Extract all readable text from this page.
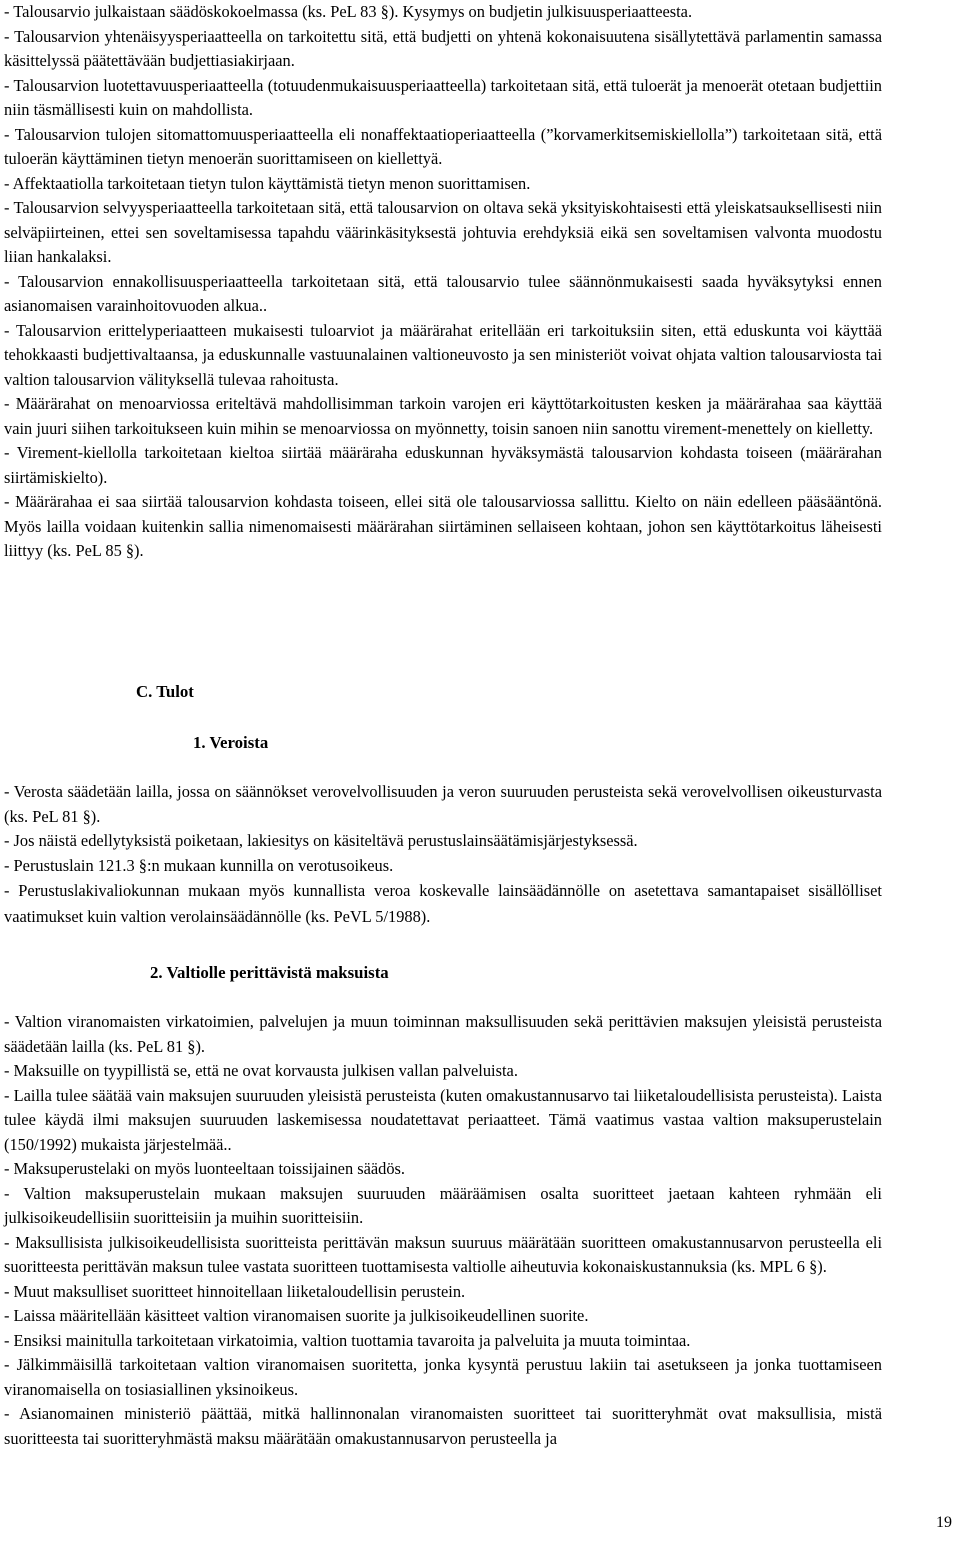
- Talousarvio julkaistaan säädöskokoelmassa (ks. PeL 83 §). Kysymys on budjetin julkisuusperiaatteesta.

- Talousarvion yhtenäisyysperiaatteella on tarkoitettu sitä, että budjetti on yhtenä kokonaisuutena sisällytettävä parlamentin samassa käsittelyssä päätettävään budjettiasiakirjaan.

- Talousarvion luotettavuusperiaatteella (totuudenmukaisuusperiaatteella) tarkoitetaan sitä, että tuloerät ja menoerät otetaan budjettiin niin täsmällisesti kuin on mahdollista.

- Talousarvion tulojen sitomattomuusperiaatteella eli nonaffektaatioperiaatteella (”korvamerkitsemiskiellolla”) tarkoitetaan sitä, että tuloerän käyttäminen tietyn menoerän suorittamiseen on kiellettyä.

- Affektaatiolla tarkoitetaan tietyn tulon käyttämistä tietyn menon suorittamisen.

- Talousarvion selvyysperiaatteella tarkoitetaan sitä, että talousarvion on oltava sekä yksityiskohtaisesti että yleiskatsauksellisesti niin selväpiirteinen, ettei sen soveltamisessa tapahdu väärinkäsityksestä johtuvia erehdyksiä eikä sen soveltamisen valvonta muodostu liian hankalaksi.

- Talousarvion ennakollisuusperiaatteella tarkoitetaan sitä, että talousarvio tulee säännönmukaisesti saada hyväksytyksi ennen asianomaisen varainhoitovuoden alkua..

- Talousarvion erittelyperiaatteen mukaisesti tuloarviot ja määrärahat eritellään eri tarkoituksiin siten, että eduskunta voi käyttää tehokkaasti budjettivaltaansa, ja eduskunnalle vastuunalainen valtioneuvosto ja sen ministeriöt voivat ohjata valtion talousarviosta tai valtion talousarvion välityksellä tulevaa rahoitusta.

- Määrärahat on menoarviossa eriteltävä mahdollisimman tarkoin varojen eri käyttötarkoitusten kesken ja määrärahaa saa käyttää vain juuri siihen tarkoitukseen kuin mihin se menoarviossa on myönnetty, toisin sanoen niin sanottu virement-menettely on kielletty.

- Virement-kiellolla tarkoitetaan kieltoa siirtää määräraha eduskunnan hyväksymästä talousarvion kohdasta toiseen (määrärahan siirtämiskielto).

- Määrärahaa ei saa siirtää talousarvion kohdasta toiseen, ellei sitä ole talousarviossa sallittu. Kielto on näin edelleen pääsääntönä. Myös lailla voidaan kuitenkin sallia nimenomaisesti määrärahan siirtäminen sellaiseen kohtaan, johon sen käyttötarkoitus läheisesti liittyy (ks. PeL 85 §).

C. Tulot

1. Veroista

- Verosta säädetään lailla, jossa on säännökset verovelvollisuuden ja veron suuruuden perusteista sekä verovelvollisen oikeusturvasta (ks. PeL 81 §).

- Jos näistä edellytyksistä poiketaan, lakiesitys on käsiteltävä perustuslainsäätämisjärjestyksessä.

- Perustuslain 121.3 §:n mukaan kunnilla on verotusoikeus.

- Perustuslakivaliokunnan mukaan myös kunnallista veroa koskevalle lainsäädännölle on asetettava samantapaiset sisällölliset vaatimukset kuin valtion verolainsäädännölle (ks. PeVL 5/1988).

2. Valtiolle perittävistä maksuista

- Valtion viranomaisten virkatoimien, palvelujen ja muun toiminnan maksullisuuden sekä perittävien maksujen yleisistä perusteista säädetään lailla (ks. PeL 81 §).

- Maksuille on tyypillistä se, että ne ovat korvausta julkisen vallan palveluista.

- Lailla tulee säätää vain maksujen suuruuden yleisistä perusteista (kuten omakustannusarvo tai liiketaloudellisista perusteista). Laista tulee käydä ilmi maksujen suuruuden laskemisessa noudatettavat periaatteet. Tämä vaatimus vastaa valtion maksuperustelain (150/1992) mukaista järjestelmää..

- Maksuperustelaki on myös luonteeltaan toissijainen säädös.

- Valtion maksuperustelain mukaan maksujen suuruuden määräämisen osalta suoritteet jaetaan kahteen ryhmään eli julkisoikeudellisiin suoritteisiin ja muihin suoritteisiin.

- Maksullisista julkisoikeudellisista suoritteista perittävän maksun suuruus määrätään suoritteen omakustannusarvon perusteella eli suoritteesta perittävän maksun tulee vastata suoritteen tuottamisesta valtiolle aiheutuvia kokonaiskustannuksia (ks. MPL 6 §).

- Muut maksulliset suoritteet hinnoitellaan liiketaloudellisin perustein.

- Laissa määritellään käsitteet valtion viranomaisen suorite ja julkisoikeudellinen suorite.

- Ensiksi mainitulla tarkoitetaan virkatoimia, valtion tuottamia tavaroita ja palveluita ja muuta toimintaa.

- Jälkimmäisillä tarkoitetaan valtion viranomaisen suoritetta, jonka kysyntä perustuu lakiin tai asetukseen ja jonka tuottamiseen viranomaisella on tosiasiallinen yksinoikeus.

- Asianomainen ministeriö päättää, mitkä hallinnonalan viranomaisten suoritteet tai suoritteryhmät ovat maksullisia, mistä suoritteesta tai suoritteryhmästä maksu määrätään omakustannusarvon perusteella ja

19
